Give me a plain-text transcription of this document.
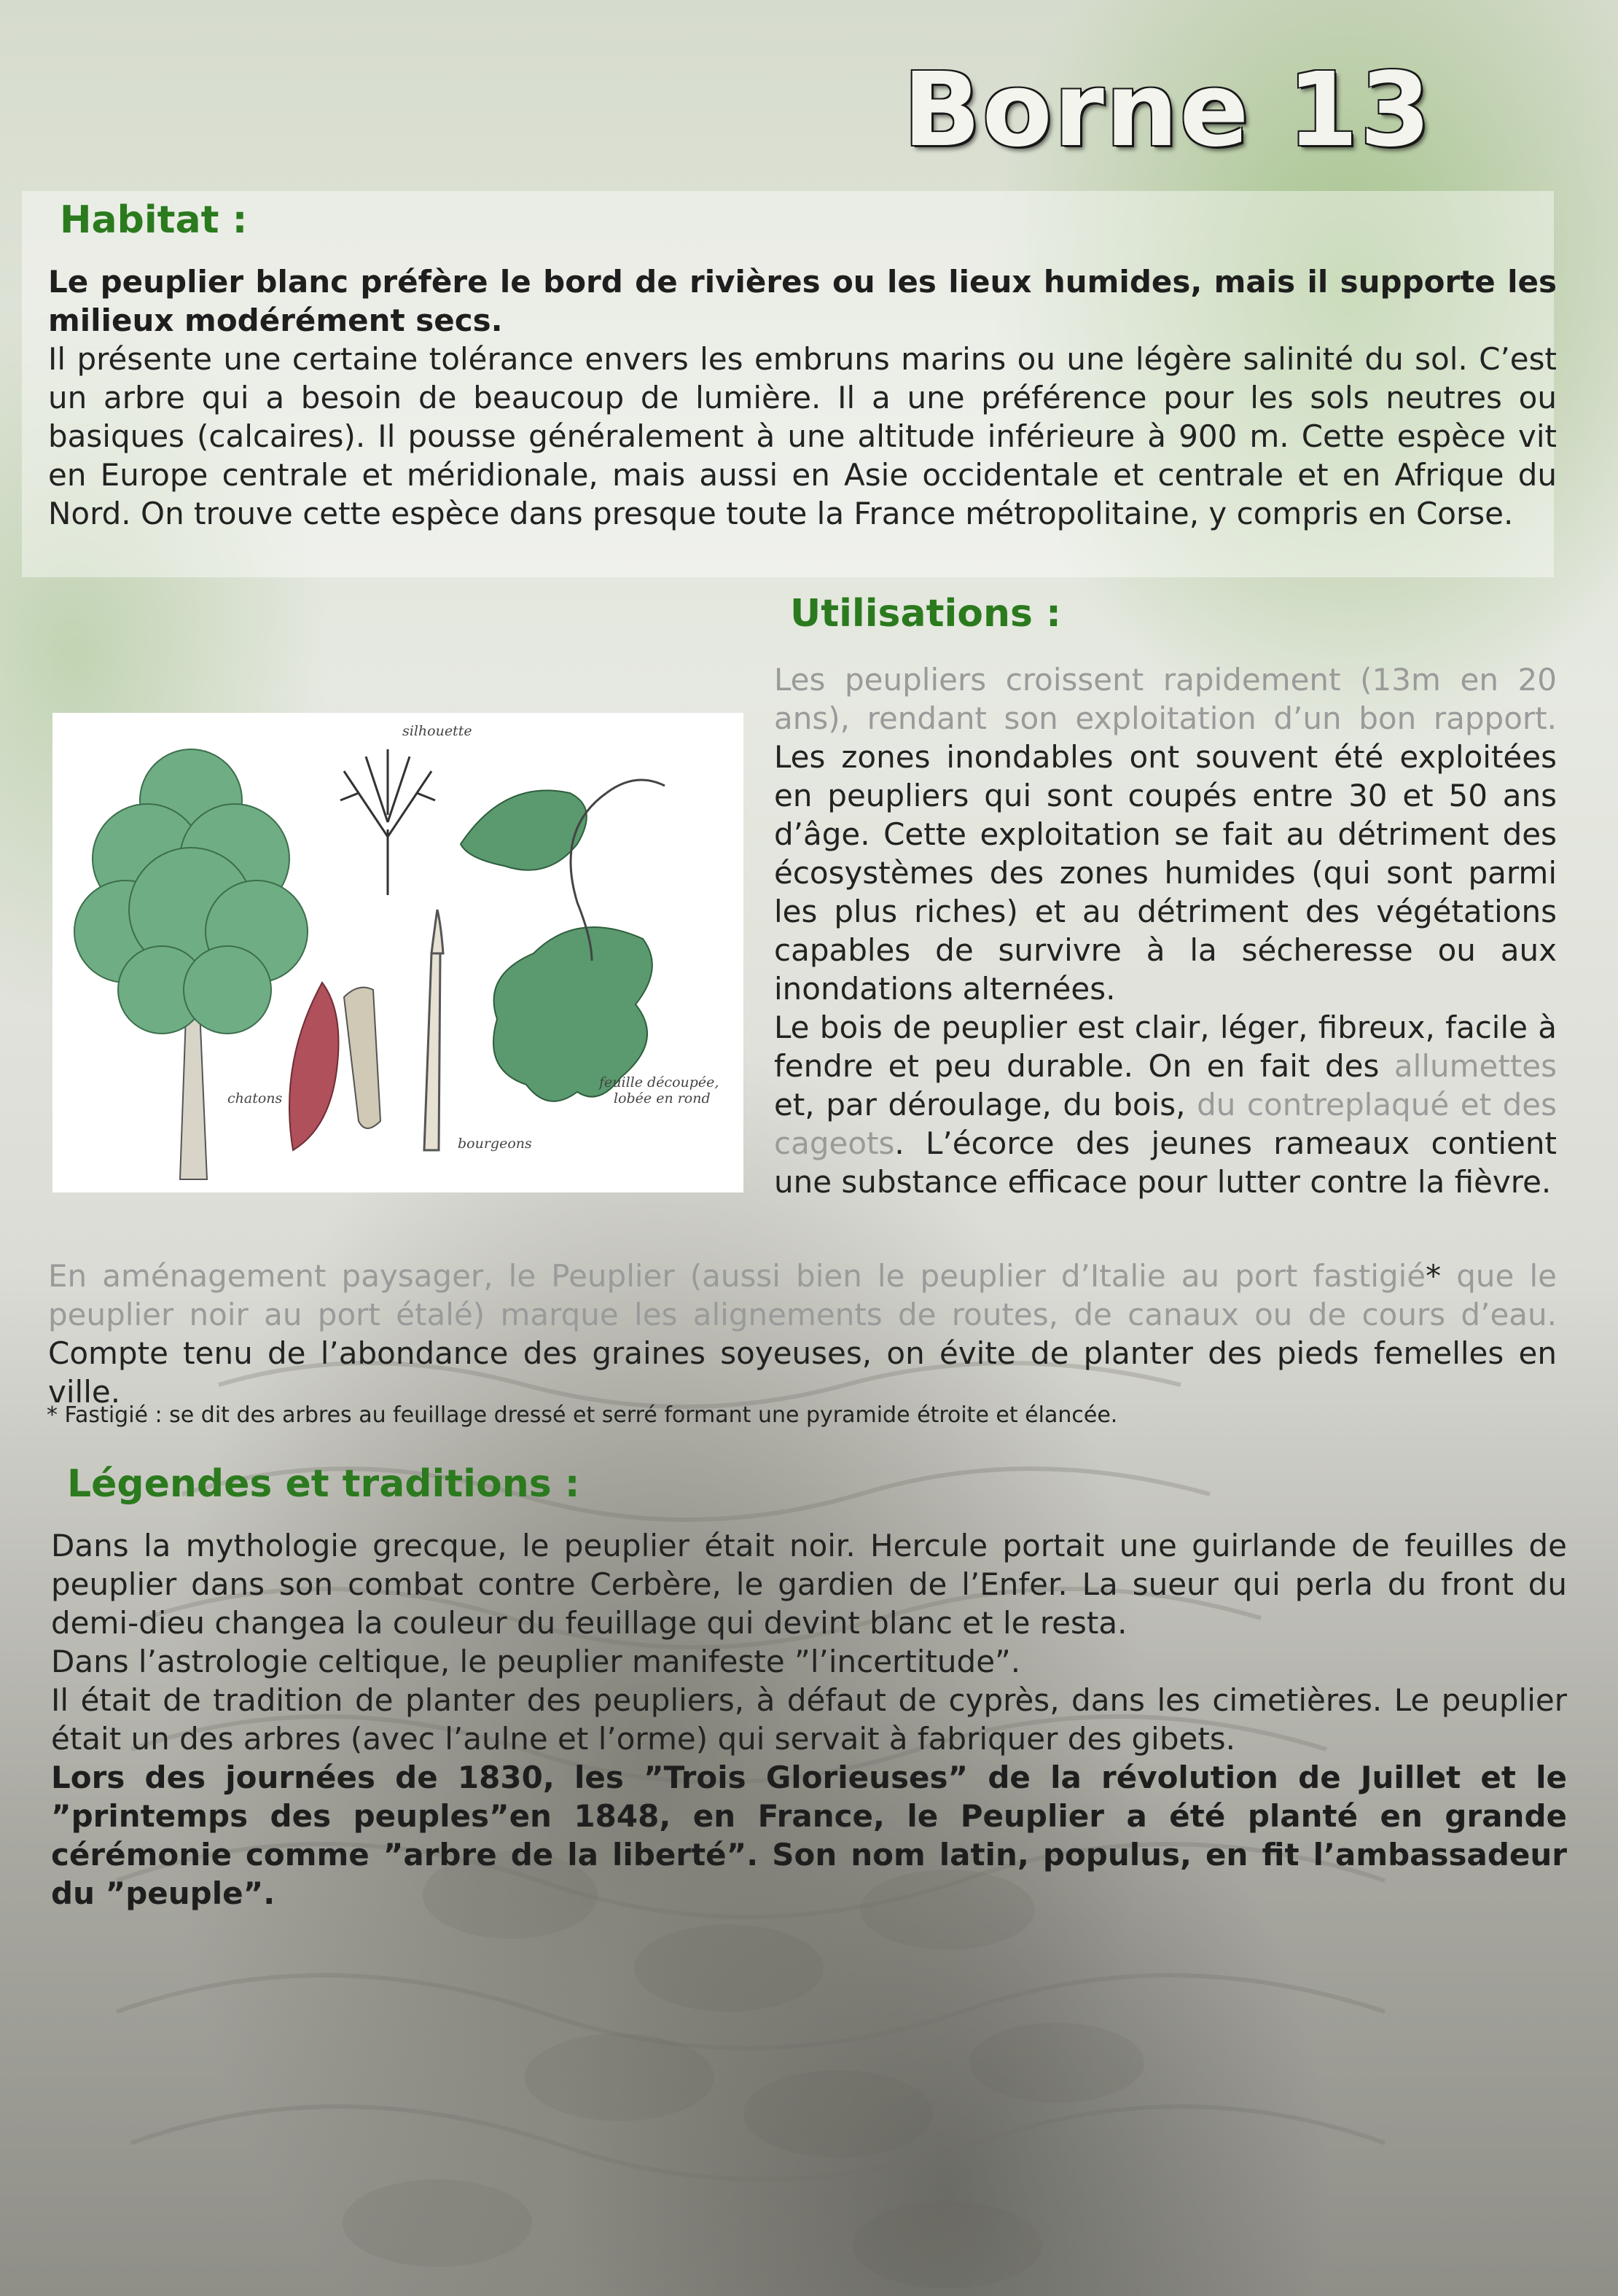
Borne 13
Habitat :

Le peuplier blanc préfère le bord de rivières ou les lieux humides, mais il supporte les milieux modérément secs.

Il présente une certaine tolérance envers les embruns marins ou une légère salinité du sol. C’est un arbre qui a besoin de beaucoup de lumière. Il a une préférence pour les sols neutres ou basiques (calcaires). Il pousse généralement à une altitude inférieure à 900 m. Cette espèce vit en Europe centrale et méridionale, mais aussi en Asie occidentale et centrale et en Afrique du Nord. On trouve cette espèce dans presque toute la France métropolitaine, y compris en Corse.

Utilisations :
silhouette
chatons
bourgeons
feuille découpée,
lobée en rond

Les peupliers croissent rapidement (13m en 20 ans), rendant son exploitation d’un bon rapport. Les zones inondables ont souvent été exploitées en peupliers qui sont coupés entre 30 et 50 ans d’âge. Cette exploitation se fait au détriment des écosystèmes des zones humides (qui sont parmi les plus riches) et au détriment des végétations capables de survivre à la sécheresse ou aux inondations alternées.
Le bois de peuplier est clair, léger, fibreux, facile à fendre et peu durable. On en fait des allumettes et, par déroulage, du bois, du contreplaqué et des cageots. L’écorce des jeunes rameaux contient une substance efficace pour lutter contre la fièvre.

En aménagement paysager, le Peuplier (aussi bien le peuplier d’Italie au port fastigié* que le peuplier noir au port étalé) marque les alignements de routes, de canaux ou de cours d’eau. Compte tenu de l’abondance des graines soyeuses, on évite de planter des pieds femelles en ville.

* Fastigié : se dit des arbres au feuillage dressé et serré formant une pyramide étroite et élancée.

Légendes et traditions :

Dans la mythologie grecque, le peuplier était noir. Hercule portait une guirlande de feuilles de peuplier dans son combat contre Cerbère, le gardien de l’Enfer. La sueur qui perla du front du demi-dieu changea la couleur du feuillage qui devint blanc et le resta.

Dans l’astrologie celtique, le peuplier manifeste ”l’incertitude”.

Il était de tradition de planter des peupliers, à défaut de cyprès, dans les cimetières. Le peuplier était un des arbres (avec l’aulne et l’orme) qui servait à fabriquer des gibets.

Lors des journées de 1830, les ”Trois Glorieuses” de la révolution de Juillet et le ”printemps des peuples”en 1848, en France, le Peuplier a été planté en grande cérémonie comme ”arbre de la liberté”. Son nom latin, populus, en fit l’ambassadeur du ”peuple”.
